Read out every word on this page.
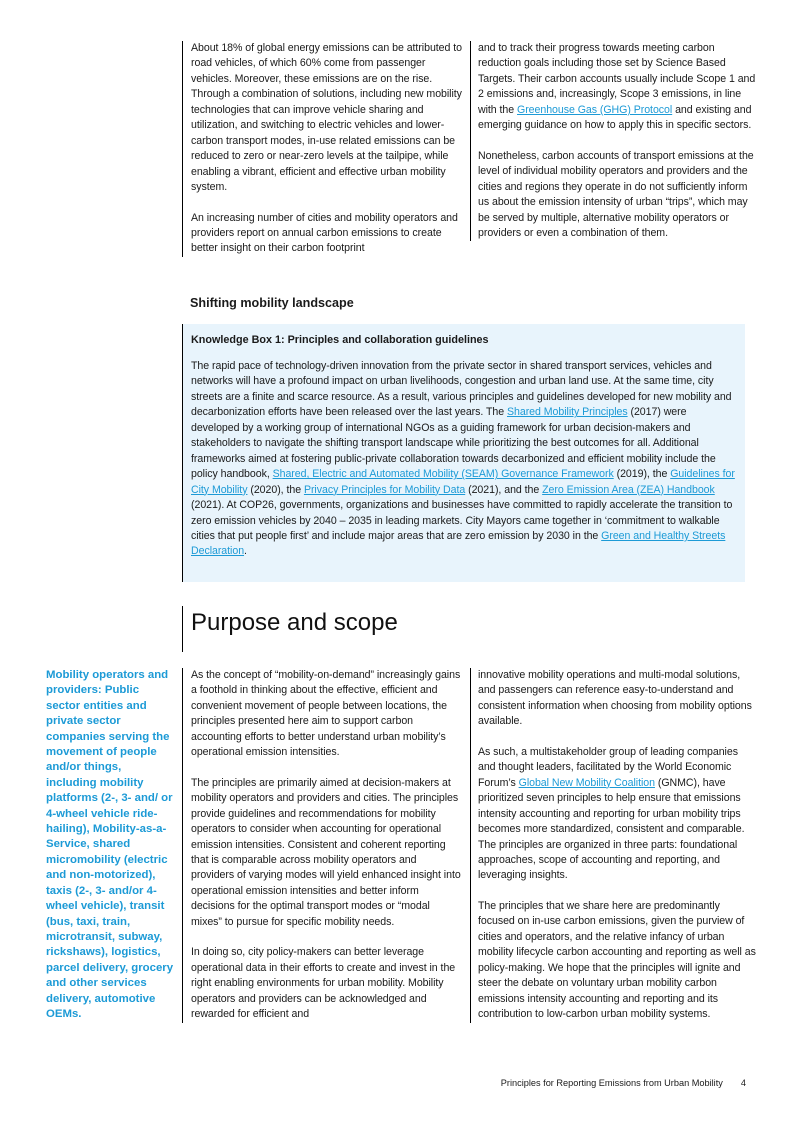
About 18% of global energy emissions can be attributed to road vehicles, of which 60% come from passenger vehicles. Moreover, these emissions are on the rise. Through a combination of solutions, including new mobility technologies that can improve vehicle sharing and utilization, and switching to electric vehicles and lower-carbon transport modes, in-use related emissions can be reduced to zero or near-zero levels at the tailpipe, while enabling a vibrant, efficient and effective urban mobility system.

An increasing number of cities and mobility operators and providers report on annual carbon emissions to create better insight on their carbon footprint

and to track their progress towards meeting carbon reduction goals including those set by Science Based Targets. Their carbon accounts usually include Scope 1 and 2 emissions and, increasingly, Scope 3 emissions, in line with the Greenhouse Gas (GHG) Protocol and existing and emerging guidance on how to apply this in specific sectors.

Nonetheless, carbon accounts of transport emissions at the level of individual mobility operators and providers and the cities and regions they operate in do not sufficiently inform us about the emission intensity of urban “trips”, which may be served by multiple, alternative mobility operators or providers or even a combination of them.

Shifting mobility landscape
Knowledge Box 1: Principles and collaboration guidelines
The rapid pace of technology-driven innovation from the private sector in shared transport services, vehicles and networks will have a profound impact on urban livelihoods, congestion and urban land use. At the same time, city streets are a finite and scarce resource. As a result, various principles and guidelines developed for new mobility and decarbonization efforts have been released over the last years. The Shared Mobility Principles (2017) were developed by a working group of international NGOs as a guiding framework for urban decision-makers and stakeholders to navigate the shifting transport landscape while prioritizing the best outcomes for all. Additional frameworks aimed at fostering public-private collaboration towards decarbonized and efficient mobility include the policy handbook, Shared, Electric and Automated Mobility (SEAM) Governance Framework (2019), the Guidelines for City Mobility (2020), the Privacy Principles for Mobility Data (2021), and the Zero Emission Area (ZEA) Handbook (2021). At COP26, governments, organizations and businesses have committed to rapidly accelerate the transition to zero emission vehicles by 2040 – 2035 in leading markets. City Mayors came together in ‘commitment to walkable cities that put people first’ and include major areas that are zero emission by 2030 in the Green and Healthy Streets Declaration.
Purpose and scope
Mobility operators and providers: Public sector entities and private sector companies serving the movement of people and/or things, including mobility platforms (2-, 3- and/ or 4-wheel vehicle ride-hailing), Mobility-as-a-Service, shared micromobility (electric and non-motorized), taxis (2-, 3- and/or 4-wheel vehicle), transit (bus, taxi, train, microtransit, subway, rickshaws), logistics, parcel delivery, grocery and other services delivery, automotive OEMs.

As the concept of “mobility-on-demand” increasingly gains a foothold in thinking about the effective, efficient and convenient movement of people between locations, the principles presented here aim to support carbon accounting efforts to better understand urban mobility’s operational emission intensities.

The principles are primarily aimed at decision-makers at mobility operators and providers and cities. The principles provide guidelines and recommendations for mobility operators to consider when accounting for operational emission intensities. Consistent and coherent reporting that is comparable across mobility operators and providers of varying modes will yield enhanced insight into operational emission intensities and better inform decisions for the optimal transport modes or “modal mixes” to pursue for specific mobility needs.

In doing so, city policy-makers can better leverage operational data in their efforts to create and invest in the right enabling environments for urban mobility. Mobility operators and providers can be acknowledged and rewarded for efficient and

innovative mobility operations and multi-modal solutions, and passengers can reference easy-to-understand and consistent information when choosing from mobility options available.

As such, a multistakeholder group of leading companies and thought leaders, facilitated by the World Economic Forum’s Global New Mobility Coalition (GNMC), have prioritized seven principles to help ensure that emissions intensity accounting and reporting for urban mobility trips becomes more standardized, consistent and comparable. The principles are organized in three parts: foundational approaches, scope of accounting and reporting, and leveraging insights.

The principles that we share here are predominantly focused on in-use carbon emissions, given the purview of cities and operators, and the relative infancy of urban mobility lifecycle carbon accounting and reporting as well as policy-making. We hope that the principles will ignite and steer the debate on voluntary urban mobility carbon emissions intensity accounting and reporting and its contribution to low-carbon urban mobility systems.

Principles for Reporting Emissions from Urban Mobility 4
